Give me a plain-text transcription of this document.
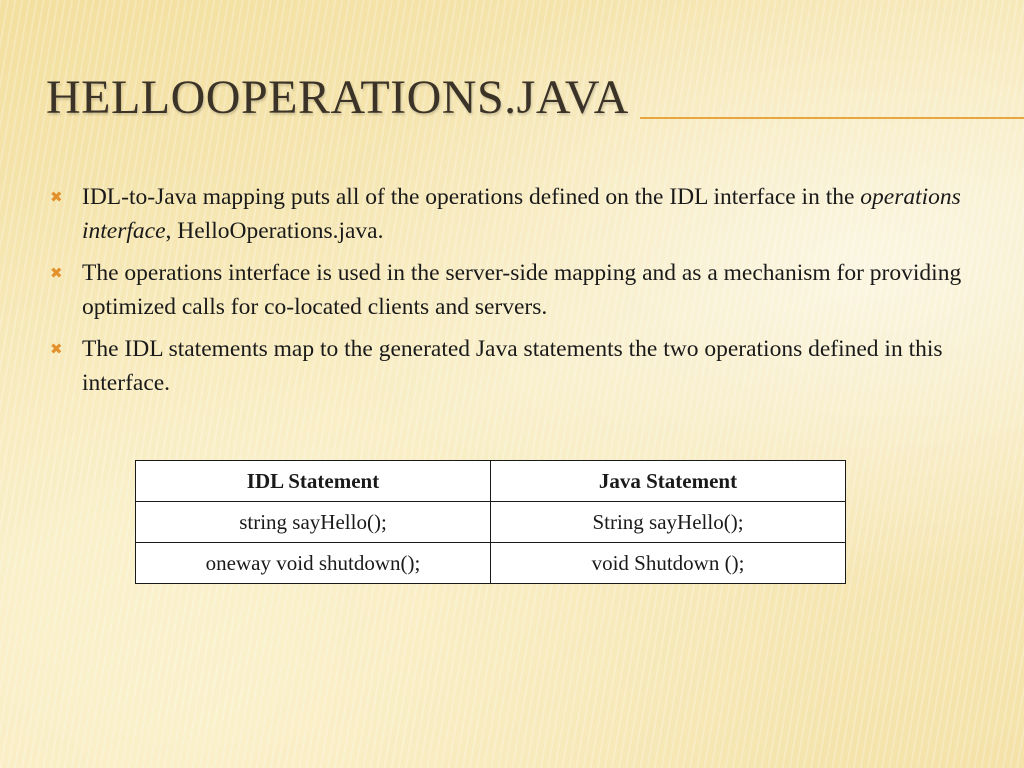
HELLOOPERATIONS.JAVA
✖ IDL-to-Java mapping puts all of the operations defined on the IDL interface in the operations interface, HelloOperations.java.
✖ The operations interface is used in the server-side mapping and as a mechanism for providing optimized calls for co-located clients and servers.
✖ The IDL statements map to the generated Java statements the two operations defined in this interface.
IDL Statement	Java Statement
string sayHello();	String sayHello();
oneway void shutdown();	void Shutdown ();
